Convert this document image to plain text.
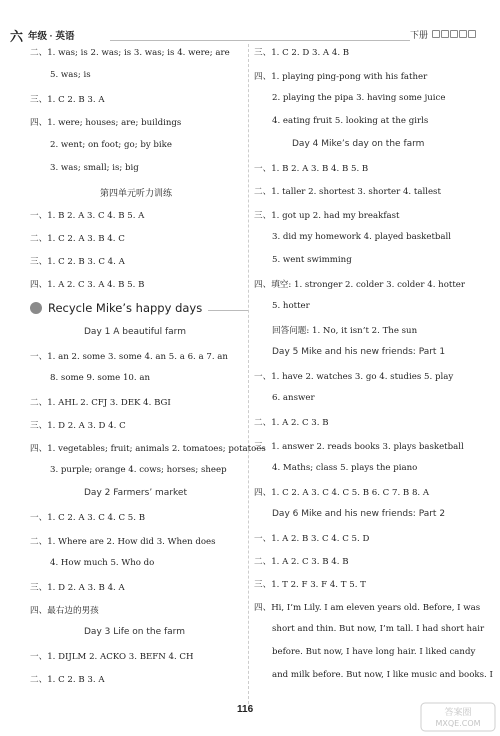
六 年级 · 英语	下册
二、1. was; is 2. was; is 3. was; is 4. were; are
5. was; is
三、1. C 2. B 3. A
四、1. were; houses; are; buildings
2. went; on foot; go; by bike
3. was; small; is; big
第四单元听力训练
一、1. B 2. A 3. C 4. B 5. A
二、1. C 2. A 3. B 4. C
三、1. C 2. B 3. C 4. A
四、1. A 2. C 3. A 4. B 5. B
Recycle Mike’s happy days
Day 1 A beautiful farm
一、1. an 2. some 3. some 4. an 5. a 6. a 7. an
8. some 9. some 10. an
二、1. AHL 2. CFJ 3. DEK 4. BGI
三、1. D 2. A 3. D 4. C
四、1. vegetables; fruit; animals 2. tomatoes; potatoes
3. purple; orange 4. cows; horses; sheep
Day 2 Farmers’ market
一、1. C 2. A 3. C 4. C 5. B
二、1. Where are 2. How did 3. When does
4. How much 5. Who do
三、1. D 2. A 3. B 4. A
四、最右边的男孩
Day 3 Life on the farm
一、1. DIJLM 2. ACKO 3. BEFN 4. CH
二、1. C 2. B 3. A
三、1. C 2. D 3. A 4. B
四、1. playing ping-pong with his father
2. playing the pipa 3. having some juice
4. eating fruit 5. looking at the girls
Day 4 Mike’s day on the farm
一、1. B 2. A 3. B 4. B 5. B
二、1. taller 2. shortest 3. shorter 4. tallest
三、1. got up 2. had my breakfast
3. did my homework 4. played basketball
5. went swimming
四、填空: 1. stronger 2. colder 3. colder 4. hotter
5. hotter
回答问题: 1. No, it isn’t 2. The sun
Day 5 Mike and his new friends: Part 1
一、1. have 2. watches 3. go 4. studies 5. play
6. answer
二、1. A 2. C 3. B
三、1. answer 2. reads books 3. plays basketball
4. Maths; class 5. plays the piano
四、1. C 2. A 3. C 4. C 5. B 6. C 7. B 8. A
Day 6 Mike and his new friends: Part 2
一、1. A 2. B 3. C 4. C 5. D
二、1. A 2. C 3. B 4. B
三、1. T 2. F 3. F 4. T 5. T
四、Hi, I’m Lily. I am eleven years old. Before, I was
short and thin. But now, I’m tall. I had short hair
before. But now, I have long hair. I liked candy
and milk before. But now, I like music and books. I
116	答案圈
MXQE.COM
